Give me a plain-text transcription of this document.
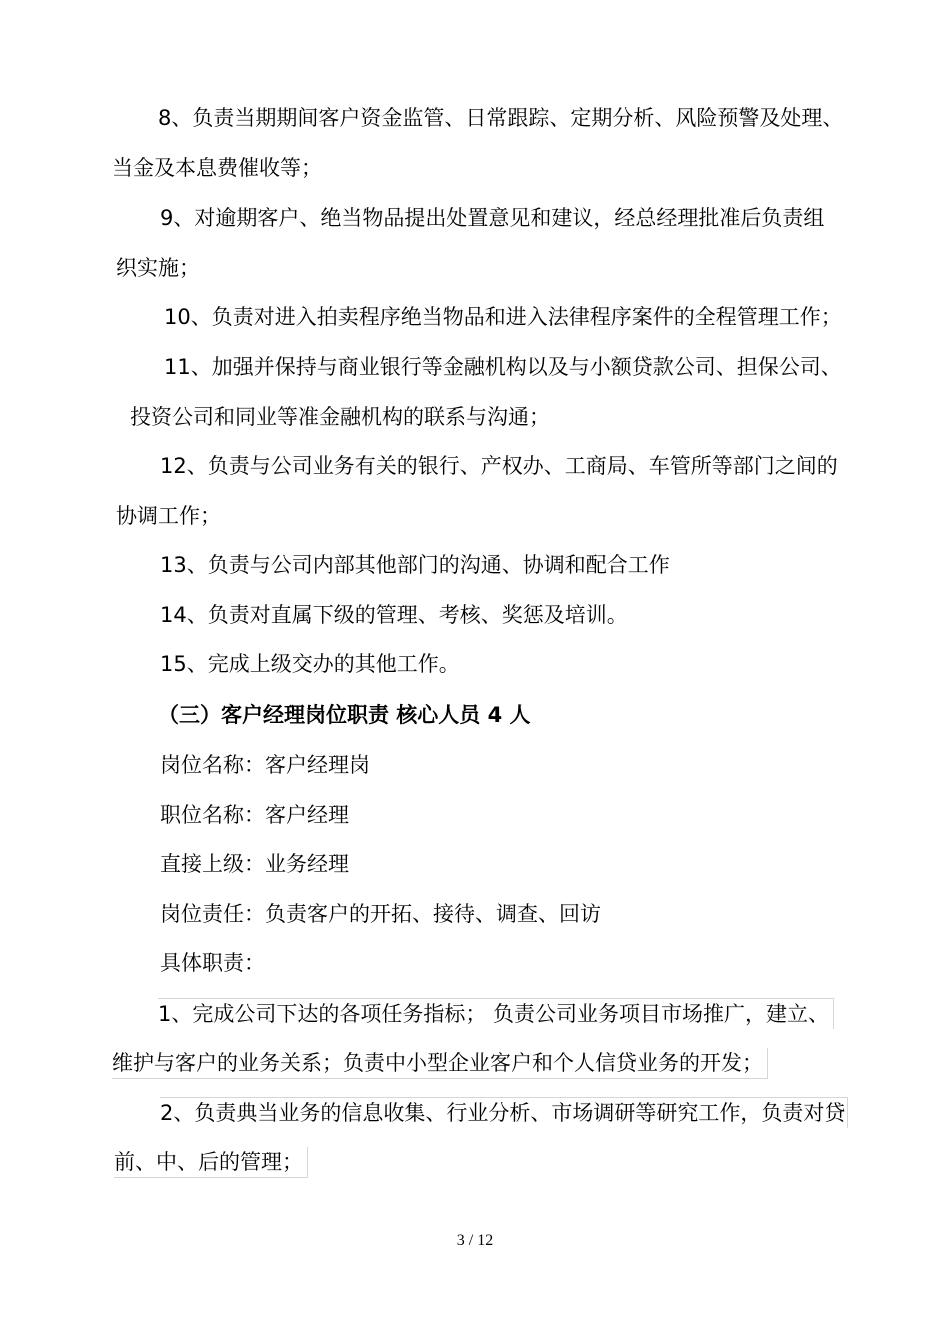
8、负责当期期间客户资金监管、日常跟踪、定期分析、风险预警及处理、
当金及本息费催收等；
9、对逾期客户、绝当物品提出处置意见和建议，经总经理批准后负责组
织实施；
10、负责对进入拍卖程序绝当物品和进入法律程序案件的全程管理工作；
11、加强并保持与商业银行等金融机构以及与小额贷款公司、担保公司、
投资公司和同业等准金融机构的联系与沟通；
12、负责与公司业务有关的银行、产权办、工商局、车管所等部门之间的
协调工作；
13、负责与公司内部其他部门的沟通、协调和配合工作
14、负责对直属下级的管理、考核、奖惩及培训。
15、完成上级交办的其他工作。
（三）客户经理岗位职责 核心人员 4 人
岗位名称：客户经理岗
职位名称：客户经理
直接上级：业务经理
岗位责任：负责客户的开拓、接待、调查、回访
具体职责：
1、完成公司下达的各项任务指标； 负责公司业务项目市场推广，建立、
维护与客户的业务关系；负责中小型企业客户和个人信贷业务的开发；
2、负责典当业务的信息收集、行业分析、市场调研等研究工作，负责对贷
前、中、后的管理；
3 / 12
